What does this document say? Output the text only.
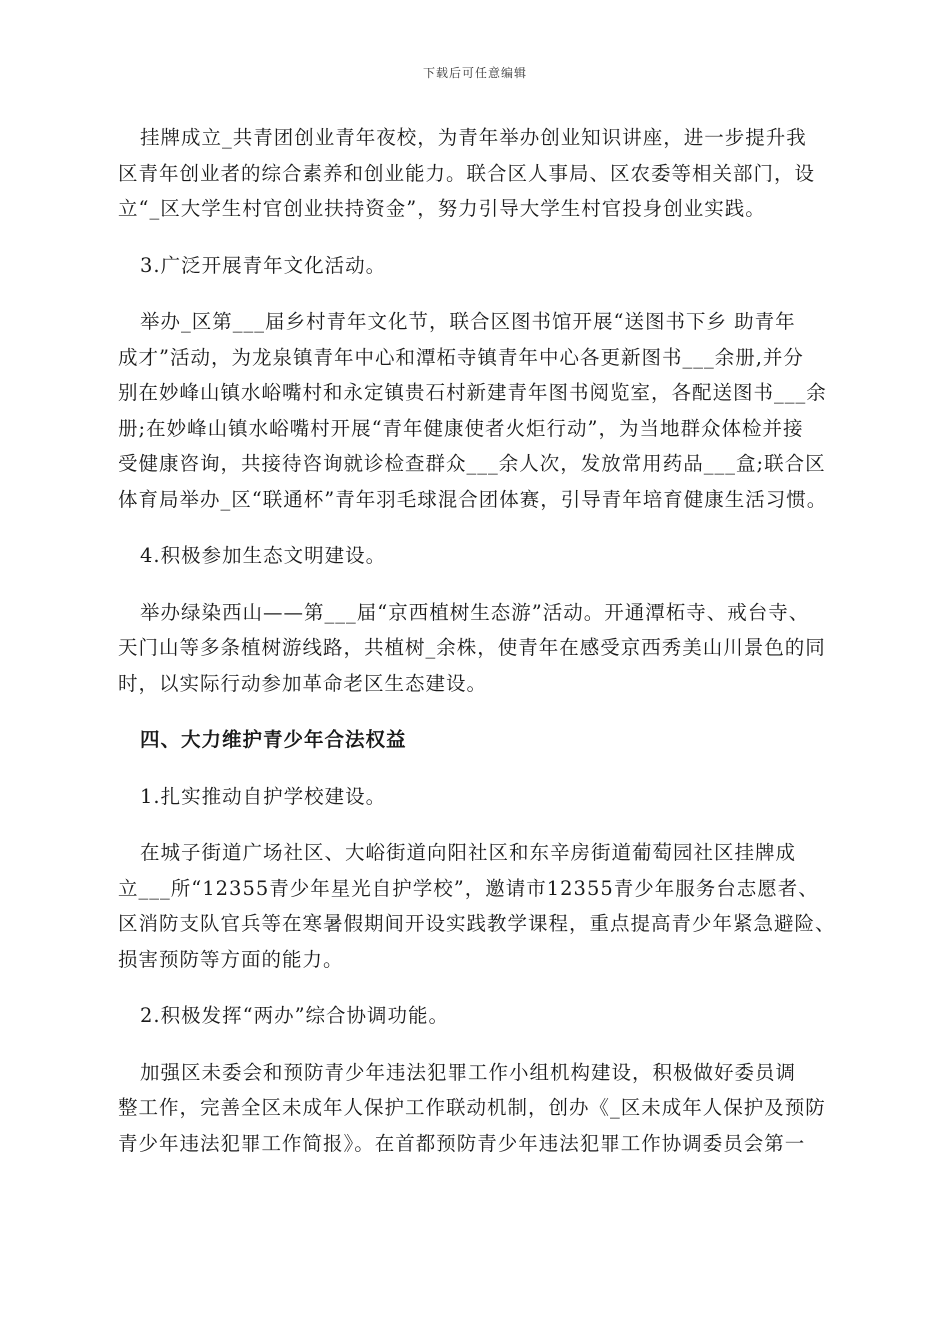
下载后可任意编辑

挂牌成立_共青团创业青年夜校，为青年举办创业知识讲座，进一步提升我
区青年创业者的综合素养和创业能力。联合区人事局、区农委等相关部门，设
立“_区大学生村官创业扶持资金”，努力引导大学生村官投身创业实践。

3.广泛开展青年文化活动。

举办_区第___届乡村青年文化节，联合区图书馆开展“送图书下乡 助青年
成才”活动，为龙泉镇青年中心和潭柘寺镇青年中心各更新图书___余册,并分
别在妙峰山镇水峪嘴村和永定镇贵石村新建青年图书阅览室，各配送图书___余
册;在妙峰山镇水峪嘴村开展“青年健康使者火炬行动”，为当地群众体检并接
受健康咨询，共接待咨询就诊检查群众___余人次，发放常用药品___盒;联合区
体育局举办_区“联通杯”青年羽毛球混合团体赛，引导青年培育健康生活习惯。

4.积极参加生态文明建设。

举办绿染西山——第___届“京西植树生态游”活动。开通潭柘寺、戒台寺、
天门山等多条植树游线路，共植树_余株，使青年在感受京西秀美山川景色的同
时，以实际行动参加革命老区生态建设。

四、大力维护青少年合法权益

1.扎实推动自护学校建设。

在城子街道广场社区、大峪街道向阳社区和东辛房街道葡萄园社区挂牌成
立___所“12355青少年星光自护学校”，邀请市12355青少年服务台志愿者、
区消防支队官兵等在寒暑假期间开设实践教学课程，重点提高青少年紧急避险、
损害预防等方面的能力。

2.积极发挥“两办”综合协调功能。

加强区未委会和预防青少年违法犯罪工作小组机构建设，积极做好委员调
整工作，完善全区未成年人保护工作联动机制，创办《_区未成年人保护及预防
青少年违法犯罪工作简报》。在首都预防青少年违法犯罪工作协调委员会第一
